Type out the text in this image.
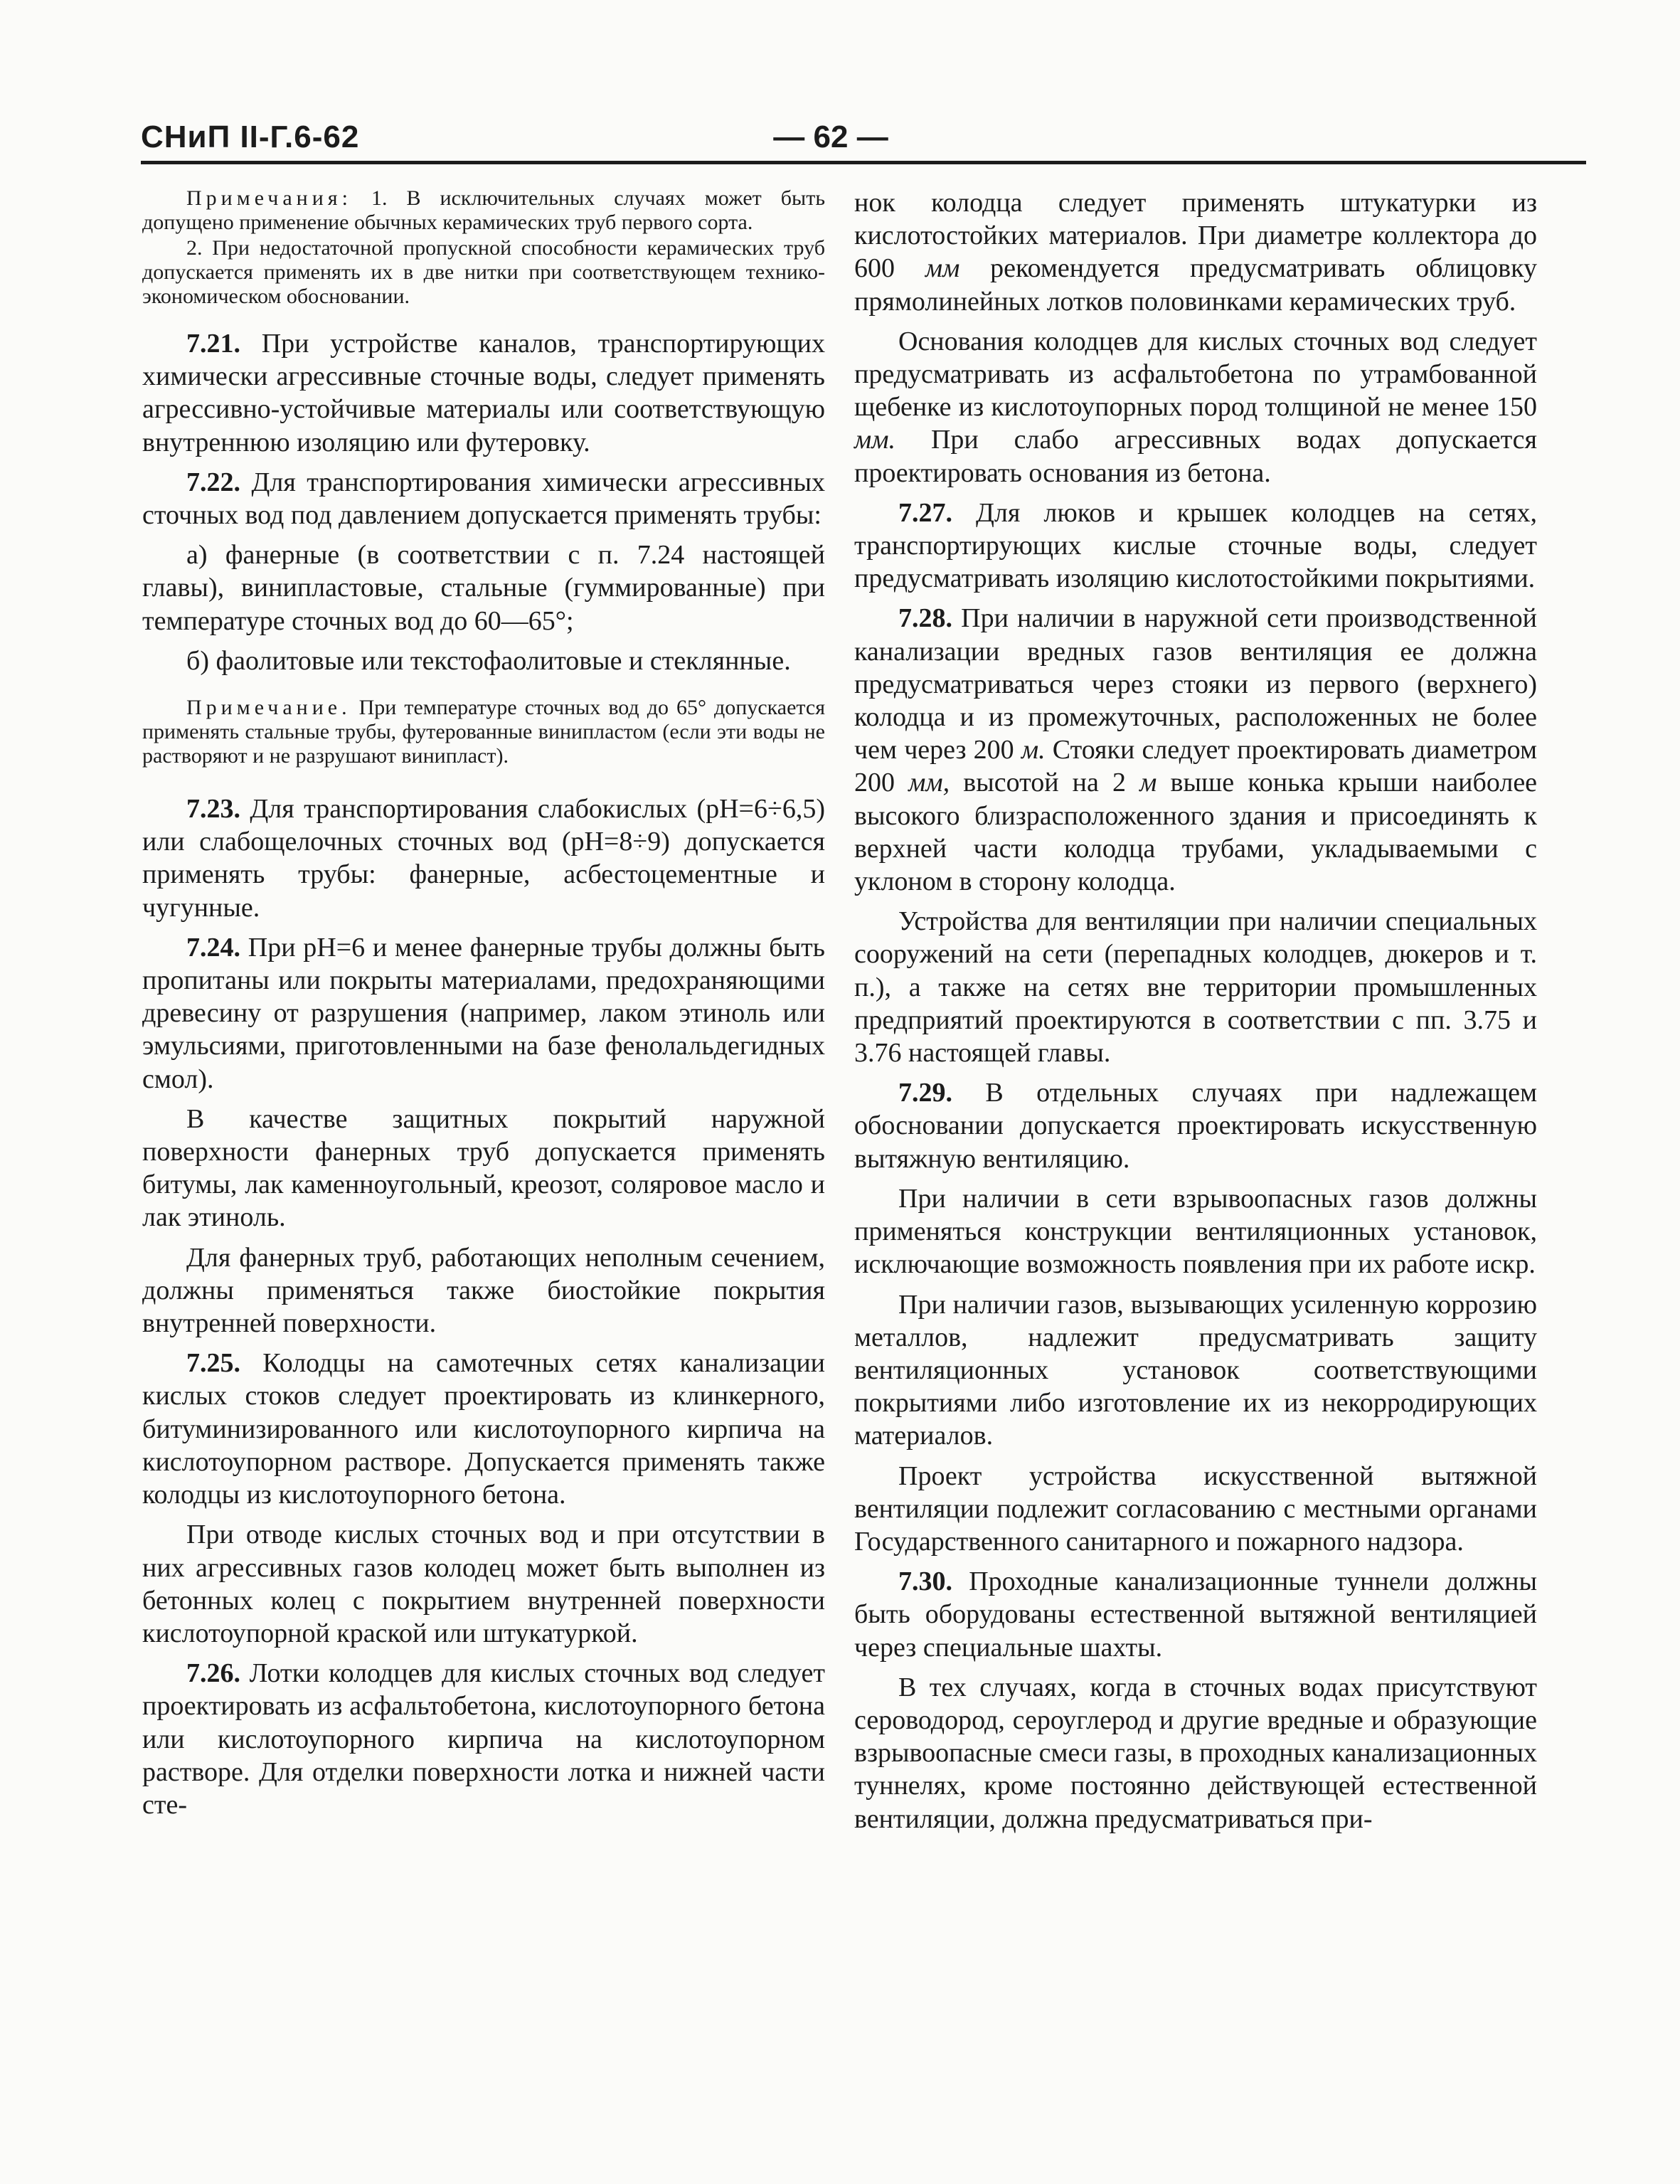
СНиП II-Г.6-62	— 62 —

Примечания: 1. В исключительных случаях может быть допущено применение обычных керамических труб первого сорта.

2. При недостаточной пропускной способности керамических труб допускается применять их в две нитки при соответствующем технико-экономическом обосновании.

7.21. При устройстве каналов, транспортирующих химически агрессивные сточные воды, следует применять агрессивно-устойчивые материалы или соответствующую внутреннюю изоляцию или футеровку.

7.22. Для транспортирования химически агрессивных сточных вод под давлением допускается применять трубы:

а) фанерные (в соответствии с п. 7.24 настоящей главы), винипластовые, стальные (гуммированные) при температуре сточных вод до 60—65°;

б) фаолитовые или текстофаолитовые и стеклянные.

Примечание. При температуре сточных вод до 65° допускается применять стальные трубы, футерованные винипластом (если эти воды не растворяют и не разрушают винипласт).

7.23. Для транспортирования слабокислых (рН=6÷6,5) или слабощелочных сточных вод (рН=8÷9) допускается применять трубы: фанерные, асбестоцементные и чугунные.

7.24. При рН=6 и менее фанерные трубы должны быть пропитаны или покрыты материалами, предохраняющими древесину от разрушения (например, лаком этиноль или эмульсиями, приготовленными на базе фенолальдегидных смол).

В качестве защитных покрытий наружной поверхности фанерных труб допускается применять битумы, лак каменноугольный, креозот, соляровое масло и лак этиноль.

Для фанерных труб, работающих неполным сечением, должны применяться также биостойкие покрытия внутренней поверхности.

7.25. Колодцы на самотечных сетях канализации кислых стоков следует проектировать из клинкерного, битуминизированного или кислотоупорного кирпича на кислотоупорном растворе. Допускается применять также колодцы из кислотоупорного бетона.

При отводе кислых сточных вод и при отсутствии в них агрессивных газов колодец может быть выполнен из бетонных колец с покрытием внутренней поверхности кислотоупорной краской или штукатуркой.

7.26. Лотки колодцев для кислых сточных вод следует проектировать из асфальтобетона, кислотоупорного бетона или кислотоупорного кирпича на кислотоупорном растворе. Для отделки поверхности лотка и нижней части сте-

нок колодца следует применять штукатурки из кислотостойких материалов. При диаметре коллектора до 600 мм рекомендуется предусматривать облицовку прямолинейных лотков половинками керамических труб.

Основания колодцев для кислых сточных вод следует предусматривать из асфальтобетона по утрамбованной щебенке из кислотоупорных пород толщиной не менее 150 мм. При слабо агрессивных водах допускается проектировать основания из бетона.

7.27. Для люков и крышек колодцев на сетях, транспортирующих кислые сточные воды, следует предусматривать изоляцию кислотостойкими покрытиями.

7.28. При наличии в наружной сети производственной канализации вредных газов вентиляция ее должна предусматриваться через стояки из первого (верхнего) колодца и из промежуточных, расположенных не более чем через 200 м. Стояки следует проектировать диаметром 200 мм, высотой на 2 м выше конька крыши наиболее высокого близрасположенного здания и присоединять к верхней части колодца трубами, укладываемыми с уклоном в сторону колодца.

Устройства для вентиляции при наличии специальных сооружений на сети (перепадных колодцев, дюкеров и т. п.), а также на сетях вне территории промышленных предприятий проектируются в соответствии с пп. 3.75 и 3.76 настоящей главы.

7.29. В отдельных случаях при надлежащем обосновании допускается проектировать искусственную вытяжную вентиляцию.

При наличии в сети взрывоопасных газов должны применяться конструкции вентиляционных установок, исключающие возможность появления при их работе искр.

При наличии газов, вызывающих усиленную коррозию металлов, надлежит предусматривать защиту вентиляционных установок соответствующими покрытиями либо изготовление их из некорродирующих материалов.

Проект устройства искусственной вытяжной вентиляции подлежит согласованию с местными органами Государственного санитарного и пожарного надзора.

7.30. Проходные канализационные туннели должны быть оборудованы естественной вытяжной вентиляцией через специальные шахты.

В тех случаях, когда в сточных водах присутствуют сероводород, сероуглерод и другие вредные и образующие взрывоопасные смеси газы, в проходных канализационных туннелях, кроме постоянно действующей естественной вентиляции, должна предусматриваться при-
